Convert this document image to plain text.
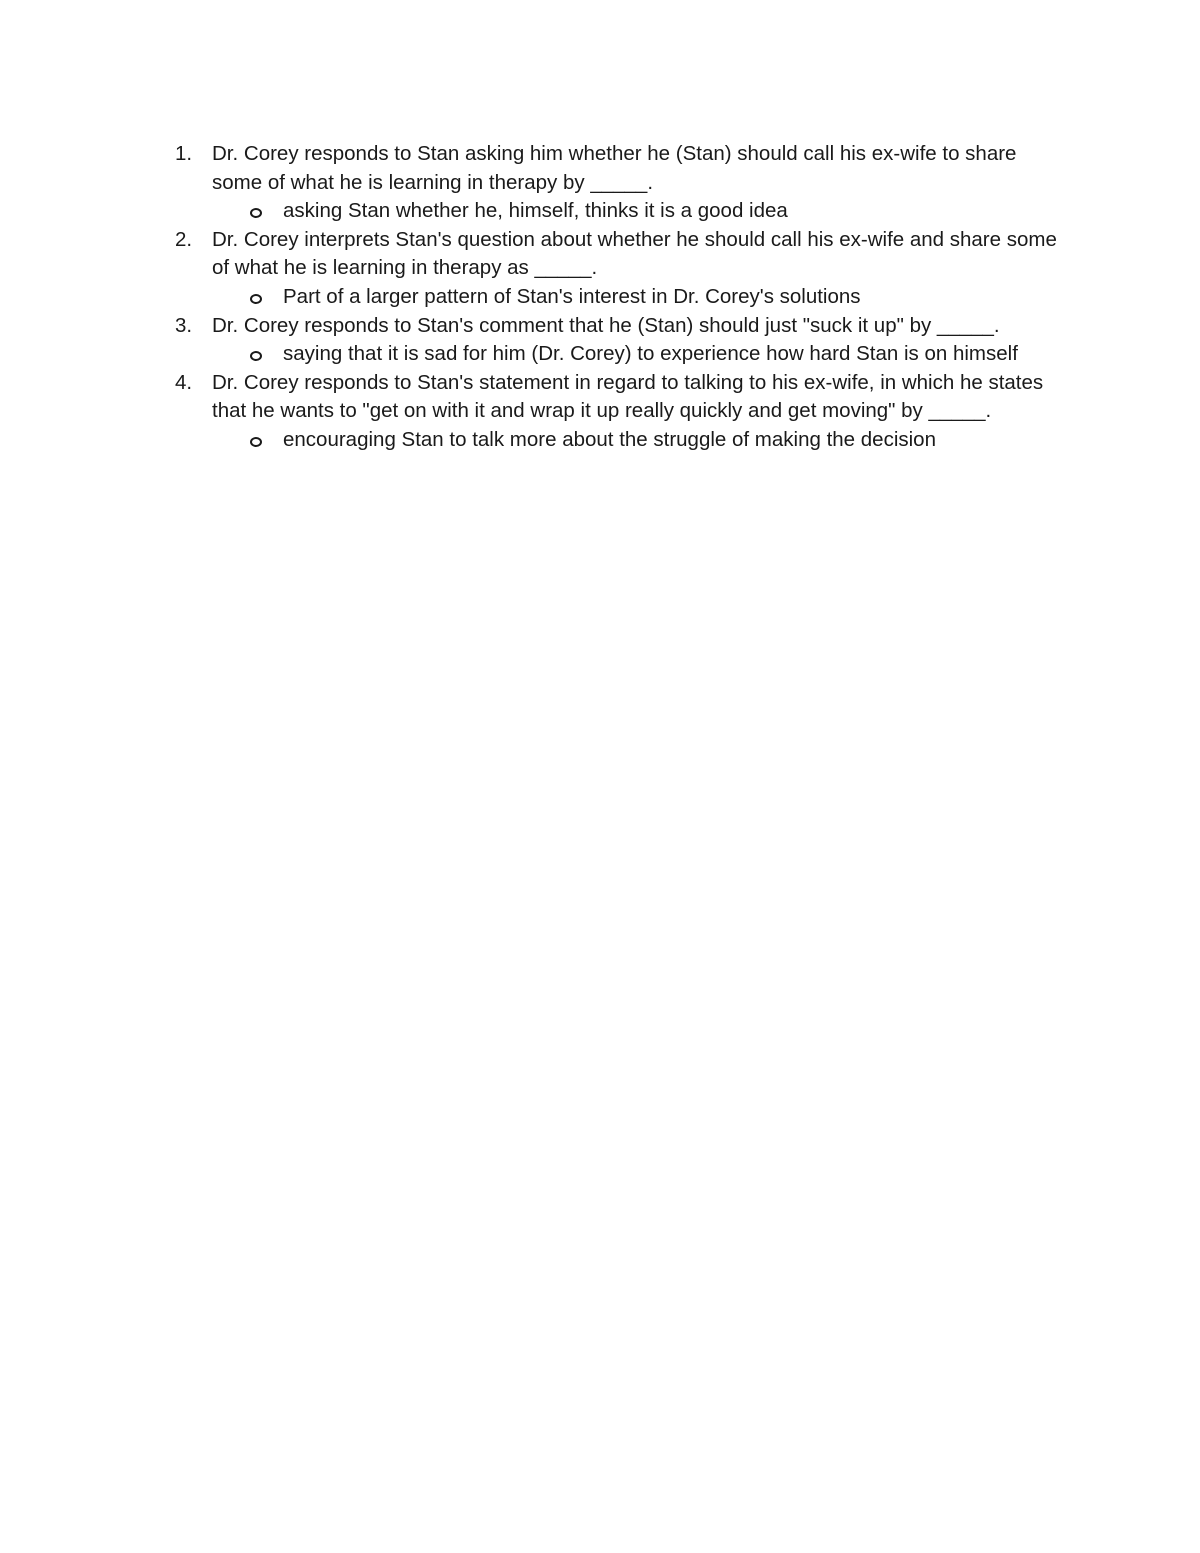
1. Dr. Corey responds to Stan asking him whether he (Stan) should call his ex-wife to share some of what he is learning in therapy by _____.
asking Stan whether he, himself, thinks it is a good idea
2. Dr. Corey interprets Stan's question about whether he should call his ex-wife and share some of what he is learning in therapy as _____.
Part of a larger pattern of Stan's interest in Dr. Corey's solutions
3. Dr. Corey responds to Stan's comment that he (Stan) should just "suck it up" by _____.
saying that it is sad for him (Dr. Corey) to experience how hard Stan is on himself
4. Dr. Corey responds to Stan's statement in regard to talking to his ex-wife, in which he states that he wants to "get on with it and wrap it up really quickly and get moving" by _____.
encouraging Stan to talk more about the struggle of making the decision
